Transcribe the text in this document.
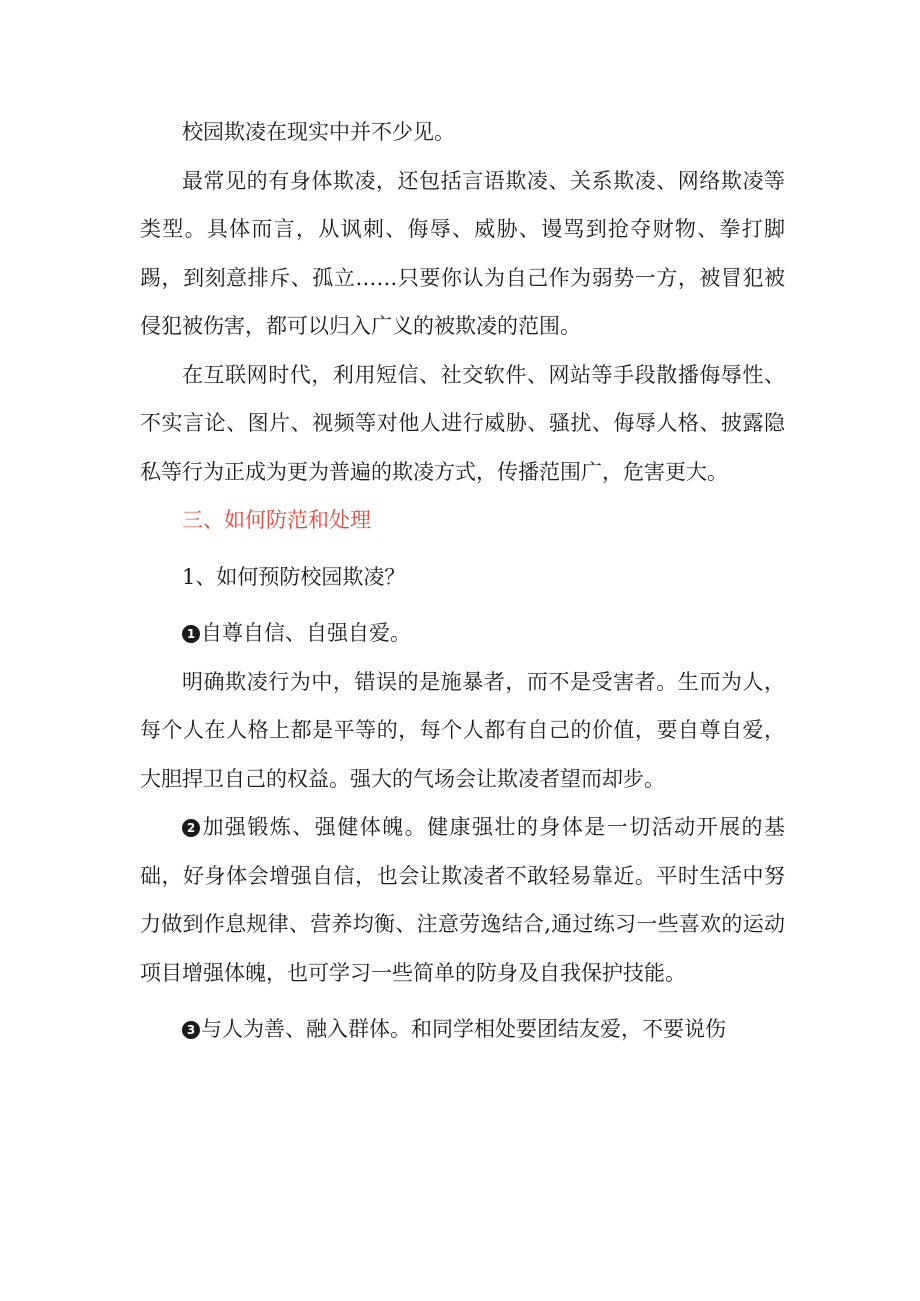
校园欺凌在现实中并不少见。

最常见的有身体欺凌，还包括言语欺凌、关系欺凌、网络欺凌等类型。具体而言，从讽刺、侮辱、威胁、谩骂到抢夺财物、拳打脚踢，到刻意排斥、孤立……只要你认为自己作为弱势一方，被冒犯被侵犯被伤害，都可以归入广义的被欺凌的范围。

在互联网时代，利用短信、社交软件、网站等手段散播侮辱性、不实言论、图片、视频等对他人进行威胁、骚扰、侮辱人格、披露隐私等行为正成为更为普遍的欺凌方式，传播范围广，危害更大。

三、如何防范和处理

1、如何预防校园欺凌？

1 自尊自信、自强自爱。

明确欺凌行为中，错误的是施暴者，而不是受害者。生而为人，每个人在人格上都是平等的，每个人都有自己的价值，要自尊自爱，大胆捍卫自己的权益。强大的气场会让欺凌者望而却步。

2 加强锻炼、强健体魄。健康强壮的身体是一切活动开展的基础，好身体会增强自信，也会让欺凌者不敢轻易靠近。平时生活中努力做到作息规律、营养均衡、注意劳逸结合,通过练习一些喜欢的运动项目增强体魄，也可学习一些简单的防身及自我保护技能。

3 与人为善、融入群体。和同学相处要团结友爱，不要说伤
